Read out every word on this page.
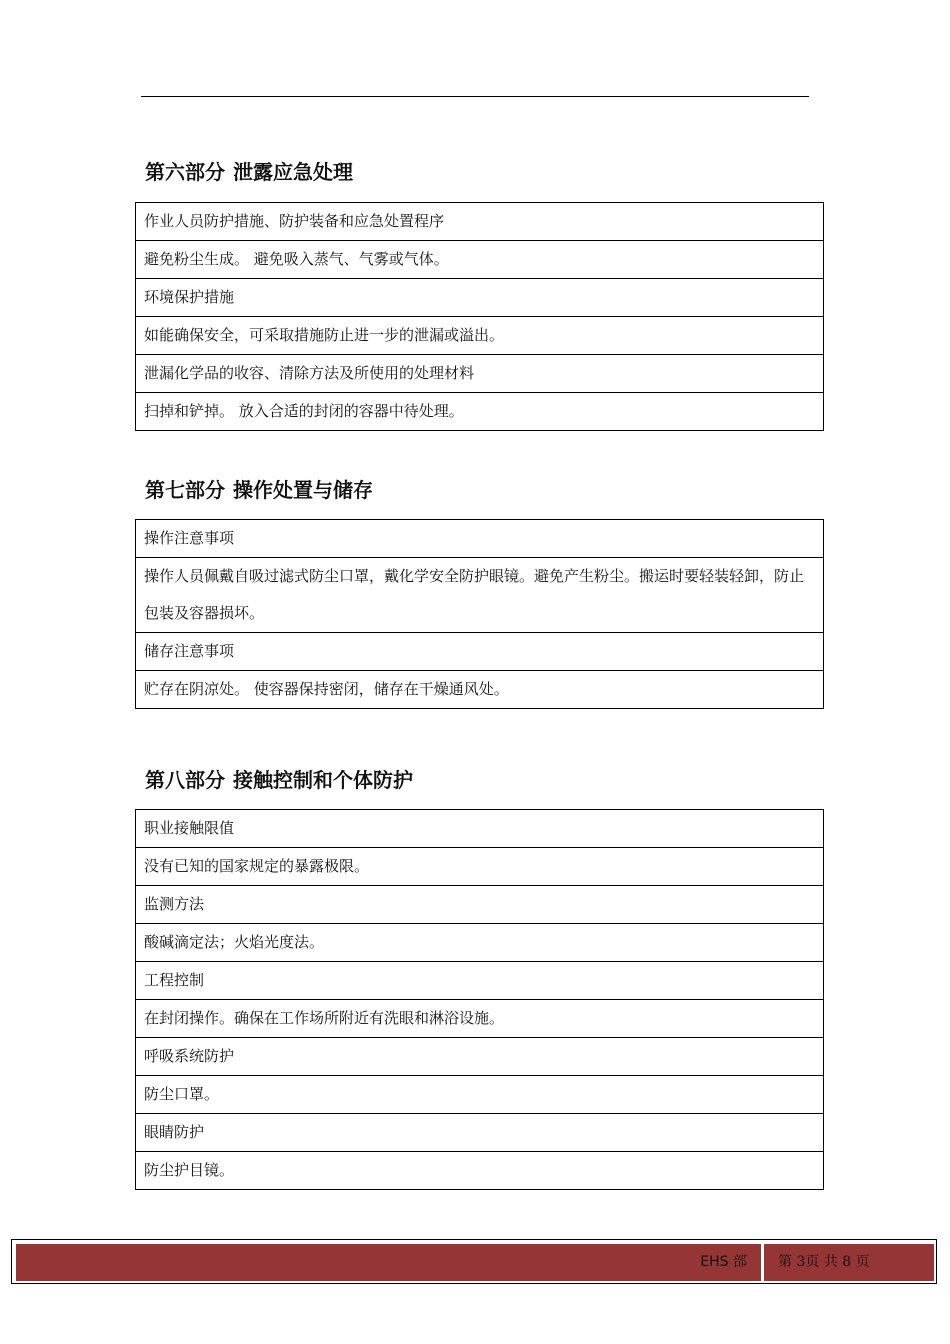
第六部分 泄露应急处理
作业人员防护措施、防护装备和应急处置程序
避免粉尘生成。 避免吸入蒸气、气雾或气体。
环境保护措施
如能确保安全，可采取措施防止进一步的泄漏或溢出。
泄漏化学品的收容、清除方法及所使用的处理材料
扫掉和铲掉。 放入合适的封闭的容器中待处理。
第七部分 操作处置与储存
操作注意事项
操作人员佩戴自吸过滤式防尘口罩，戴化学安全防护眼镜。避免产生粉尘。搬运时要轻装轻卸，防止包装及容器损坏。
储存注意事项
贮存在阴凉处。 使容器保持密闭，储存在干燥通风处。
第八部分 接触控制和个体防护
职业接触限值
没有已知的国家规定的暴露极限。
监测方法
酸碱滴定法；火焰光度法。
工程控制
在封闭操作。确保在工作场所附近有洗眼和淋浴设施。
呼吸系统防护
防尘口罩。
眼睛防护
防尘护目镜。
EHS 部	第 3页 共 8 页
